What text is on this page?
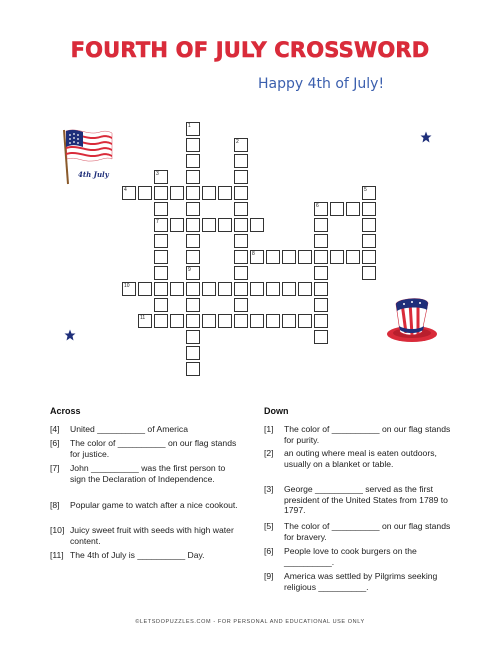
FOURTH OF JULY CROSSWORD
Happy 4th of July!
4th July
1
2
3
4	5
6
7
8
9
10
11
Across
[4] United __________ of America
[6] The color of __________ on our flag stands for justice.
[7] John __________ was the first person to sign the Declaration of Independence.
[8] Popular game to watch after a nice cookout.
[10] Juicy sweet fruit with seeds with high water content.
[11] The 4th of July is __________ Day.
Down
[1] The color of __________ on our flag stands for purity.
[2] an outing where meal is eaten outdoors, usually on a blanket or table.
[3] George __________ served as the first president of the United States from 1789 to 1797.
[5] The color of __________ on our flag stands for bravery.
[6] People love to cook burgers on the __________.
[9] America was settled by Pilgrims seeking religious __________.
©LETSDOPUZZLES.COM - FOR PERSONAL AND EDUCATIONAL USE ONLY
